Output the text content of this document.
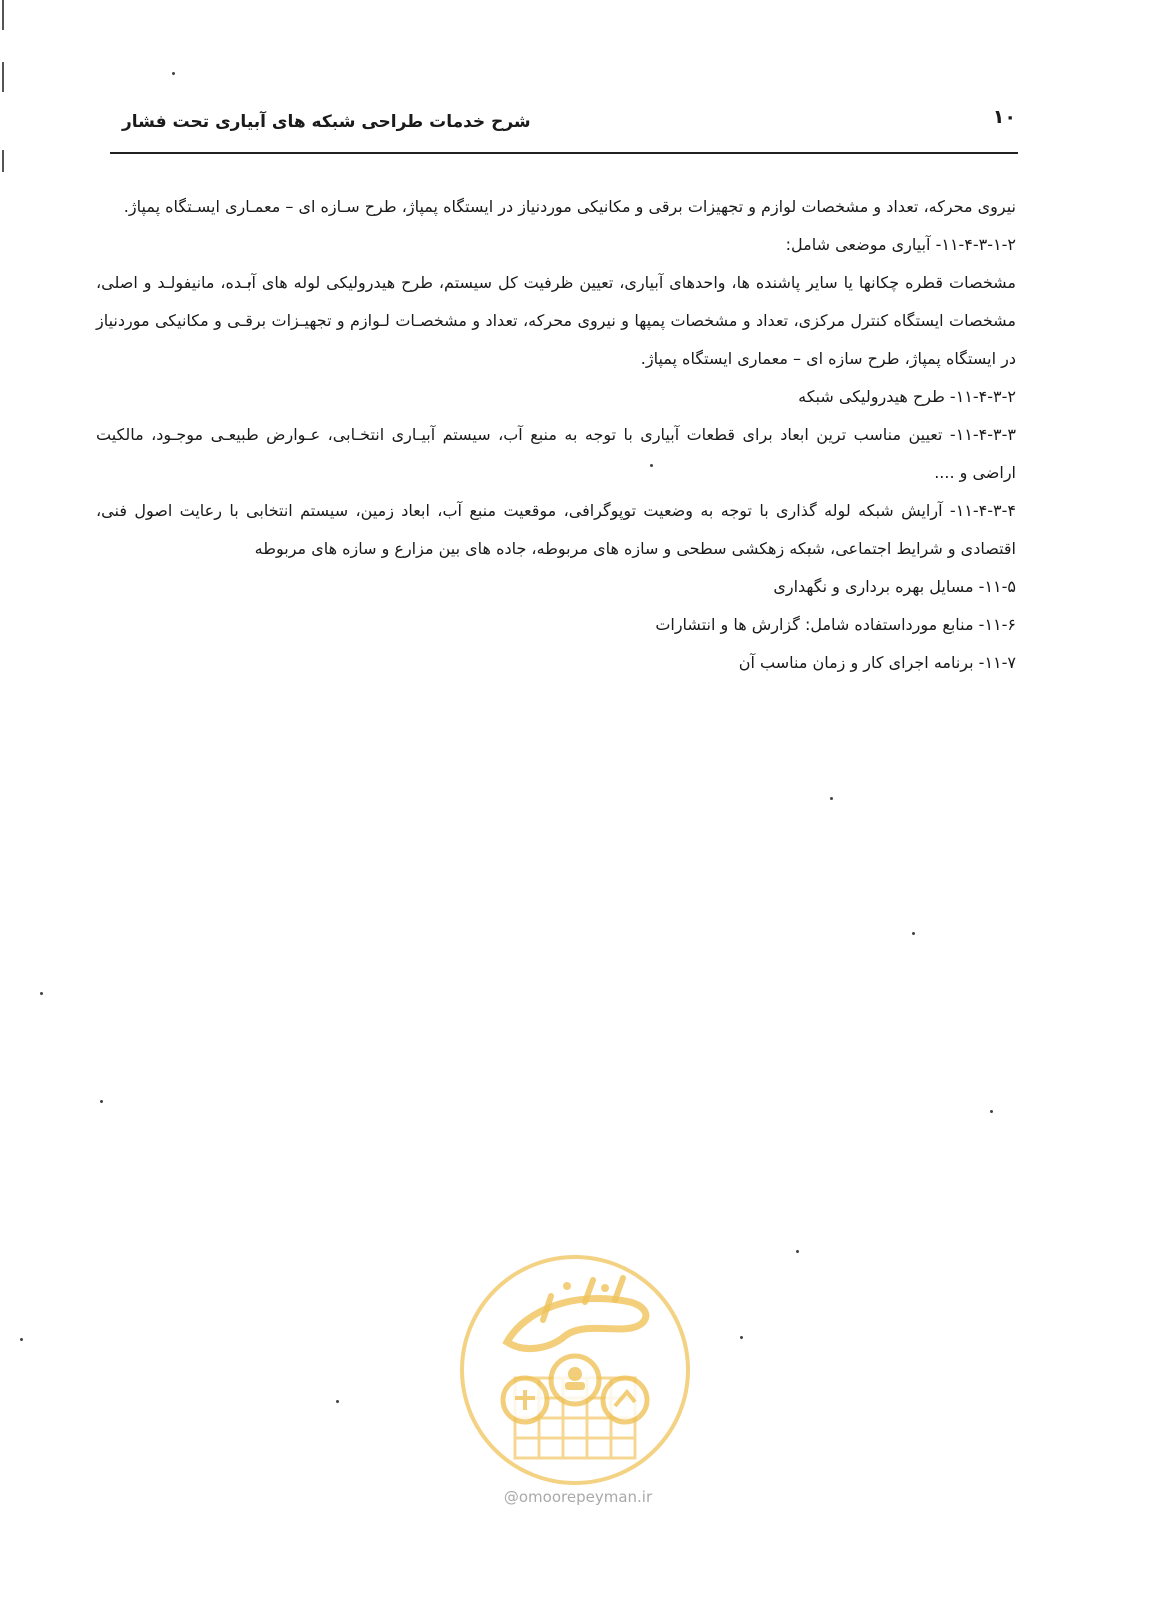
شرح خدمات طراحی شبکه های آبیاری تحت فشار	۱۰

نیروی محرکه، تعداد و مشخصات لوازم و تجهیزات برقی و مکانیکی موردنیاز در ایستگاه پمپاژ، طرح سـازه ای – معمـاری ایسـتگاه پمپاژ.

۱۱-۴-۳-۱-۲- آبیاری موضعی شامل:

مشخصات قطره چکانها یا سایر پاشنده ها، واحدهای آبیاری، تعیین ظرفیت کل سیستم، طرح هیدرولیکی لوله های آبـده، مانیفولـد و اصلی، مشخصات ایستگاه کنترل مرکزی، تعداد و مشخصات پمپها و نیروی محرکه، تعداد و مشخصـات لـوازم و تجهیـزات برقـی و مکانیکی موردنیاز در ایستگاه پمپاژ، طرح سازه ای – معماری ایستگاه پمپاژ.

۱۱-۴-۳-۲- طرح هیدرولیکی شبکه

۱۱-۴-۳-۳- تعیین مناسب ترین ابعاد برای قطعات آبیاری با توجه به منبع آب، سیستم آبیـاری انتخـابی، عـوارض طبیعـی موجـود، مالکیت اراضی و ....

۱۱-۴-۳-۴- آرایش شبکه لوله گذاری با توجه به وضعیت توپوگرافی، موقعیت منبع آب، ابعاد زمین، سیستم انتخابی با رعایت اصول فنی، اقتصادی و شرایط اجتماعی، شبکه زهکشی سطحی و سازه های مربوطه، جاده های بین مزارع و سازه های مربوطه

۱۱-۵- مسایل بهره برداری و نگهداری

۱۱-۶- منابع مورداستفاده شامل: گزارش ها و انتشارات

۱۱-۷- برنامه اجرای کار و زمان مناسب آن

@omoorepeyman.ir
